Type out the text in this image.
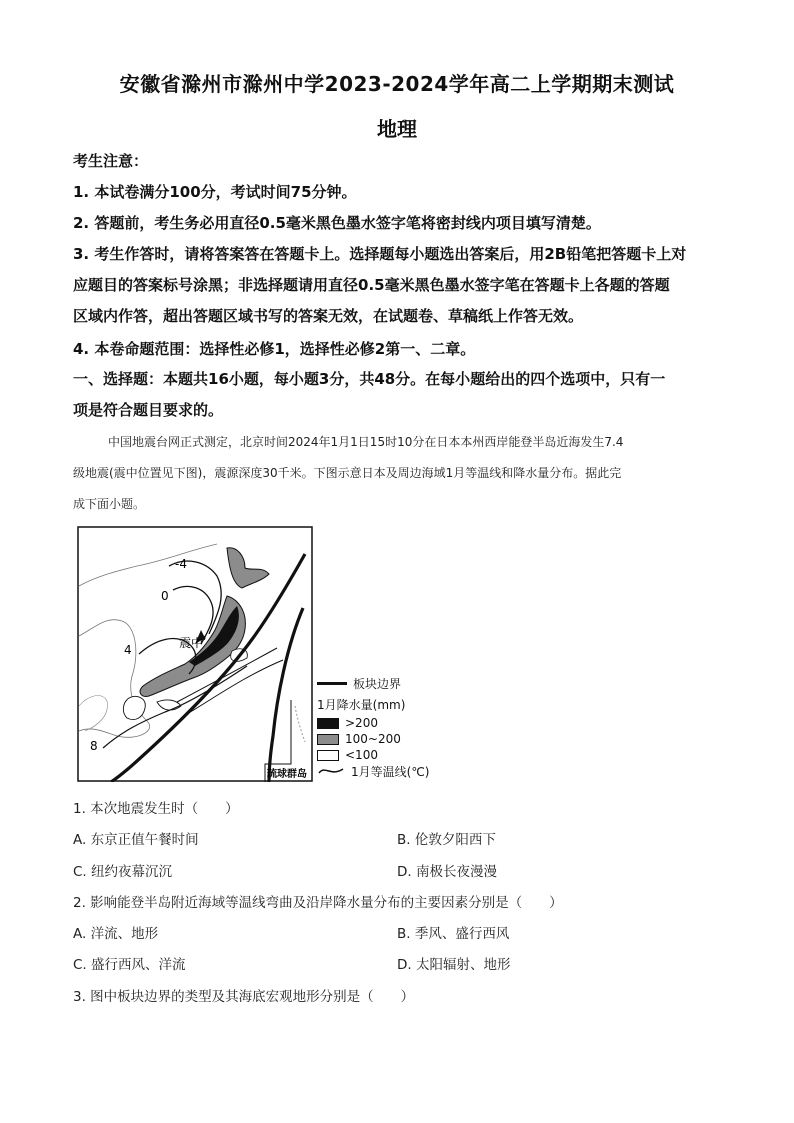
安徽省滁州市滁州中学2023-2024学年高二上学期期末测试
地理
考生注意：
1. 本试卷满分100分，考试时间75分钟。
2. 答题前，考生务必用直径0.5毫米黑色墨水签字笔将密封线内项目填写清楚。
3. 考生作答时，请将答案答在答题卡上。选择题每小题选出答案后，用2B铅笔把答题卡上对
应题目的答案标号涂黑；非选择题请用直径0.5毫米黑色墨水签字笔在答题卡上各题的答题
区域内作答，超出答题区域书写的答案无效，在试题卷、草稿纸上作答无效。
4. 本卷命题范围：选择性必修1，选择性必修2第一、二章。
一、选择题：本题共16小题，每小题3分，共48分。在每小题给出的四个选项中，只有一
项是符合题目要求的。
中国地震台网正式测定，北京时间2024年1月1日15时10分在日本本州西岸能登半岛近海发生7.4
级地震(震中位置见下图)，震源深度30千米。下图示意日本及周边海域1月等温线和降水量分布。据此完
成下面小题。
震中
-4
0
4
8
琉球群岛
板块边界
1月降水量(mm)
>200
100~200
<100
1月等温线(℃)
1. 本次地震发生时（　　）
A. 东京正值午餐时间	B. 伦敦夕阳西下
C. 纽约夜幕沉沉	D. 南极长夜漫漫
2. 影响能登半岛附近海域等温线弯曲及沿岸降水量分布的主要因素分别是（　　）
A. 洋流、地形	B. 季风、盛行西风
C. 盛行西风、洋流	D. 太阳辐射、地形
3. 图中板块边界的类型及其海底宏观地形分别是（　　）
